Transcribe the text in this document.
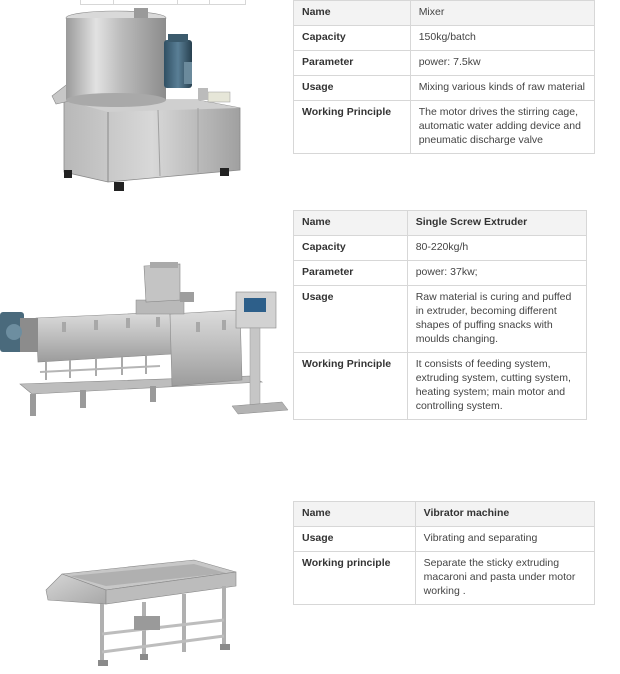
Name	Mixer
Capacity	150kg/batch
Parameter	power: 7.5kw
Usage	Mixing various kinds of raw material
Working Principle	The motor drives the stirring cage, automatic water adding device and pneumatic discharge valve
Name	Single Screw Extruder
Capacity	80-220kg/h
Parameter	power: 37kw;
Usage	Raw material is curing and puffed in extruder, becoming different shapes of puffing snacks with moulds changing.
Working Principle	It consists of feeding system, extruding system, cutting system, heating system; main motor and controlling system.
Name	Vibrator machine
Usage	Vibrating and separating
Working principle	Separate the sticky extruding macaroni and pasta under motor working .
